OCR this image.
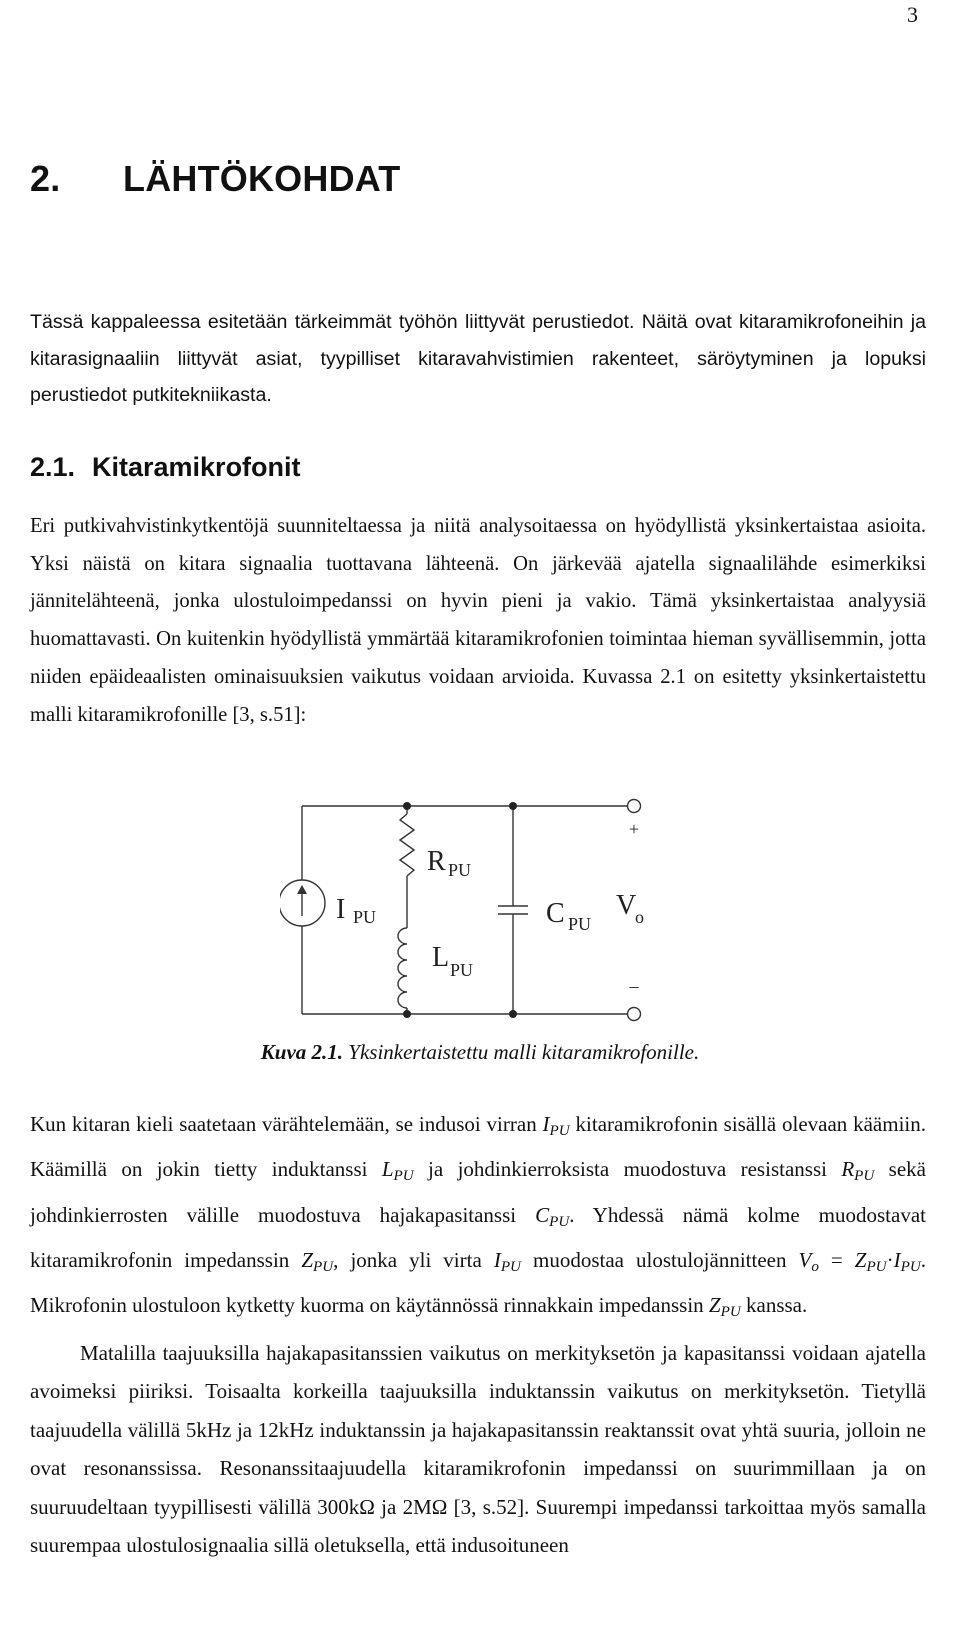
3
2. LÄHTÖKOHDAT

Tässä kappaleessa esitetään tärkeimmät työhön liittyvät perustiedot. Näitä ovat kitaramikrofoneihin ja kitarasignaaliin liittyvät asiat, tyypilliset kitaravahvistimien rakenteet, säröytyminen ja lopuksi perustiedot putkitekniikasta.

2.1. Kitaramikrofonit

Eri putkivahvistinkytkentöjä suunniteltaessa ja niitä analysoitaessa on hyödyllistä yksinkertaistaa asioita. Yksi näistä on kitara signaalia tuottavana lähteenä. On järkevää ajatella signaalilähde esimerkiksi jännitelähteenä, jonka ulostuloimpedanssi on hyvin pieni ja vakio. Tämä yksinkertaistaa analyysiä huomattavasti. On kuitenkin hyödyllistä ymmärtää kitaramikrofonien toimintaa hieman syvällisemmin, jotta niiden epäideaalisten ominaisuuksien vaikutus voidaan arvioida. Kuvassa 2.1 on esitetty yksinkertaistettu malli kitaramikrofonille [3, s.51]:

+
–
I PU
R PU
L PU
C PU
V
o

Kuva 2.1. Yksinkertaistettu malli kitaramikrofonille.

Kun kitaran kieli saatetaan värähtelemään, se indusoi virran $I_{PU}$ kitaramikrofonin sisällä olevaan käämiin. Käämillä on jokin tietty induktanssi $L_{PU}$ ja johdinkierroksista muodostuva resistanssi $R_{PU}$ sekä johdinkierrosten välille muodostuva hajakapasitanssi $C_{PU}$. Yhdessä nämä kolme muodostavat kitaramikrofonin impedanssin $Z_{PU}$, jonka yli virta $I_{PU}$ muodostaa ulostulojännitteen $V_o = Z_{PU}\cdot I_{PU}$. Mikrofonin ulostuloon kytketty kuorma on käytännössä rinnakkain impedanssin $Z_{PU}$ kanssa.

Matalilla taajuuksilla hajakapasitanssien vaikutus on merkityksetön ja kapasitanssi voidaan ajatella avoimeksi piiriksi. Toisaalta korkeilla taajuuksilla induktanssin vaikutus on merkityksetön. Tietyllä taajuudella välillä 5kHz ja 12kHz induktanssin ja hajakapasitanssin reaktanssit ovat yhtä suuria, jolloin ne ovat resonanssissa. Resonanssitaajuudella kitaramikrofonin impedanssi on suurimmillaan ja on suuruudeltaan tyypillisesti välillä 300kΩ ja 2MΩ [3, s.52]. Suurempi impedanssi tarkoittaa myös samalla suurempaa ulostulosignaalia sillä oletuksella, että indusoituneen
